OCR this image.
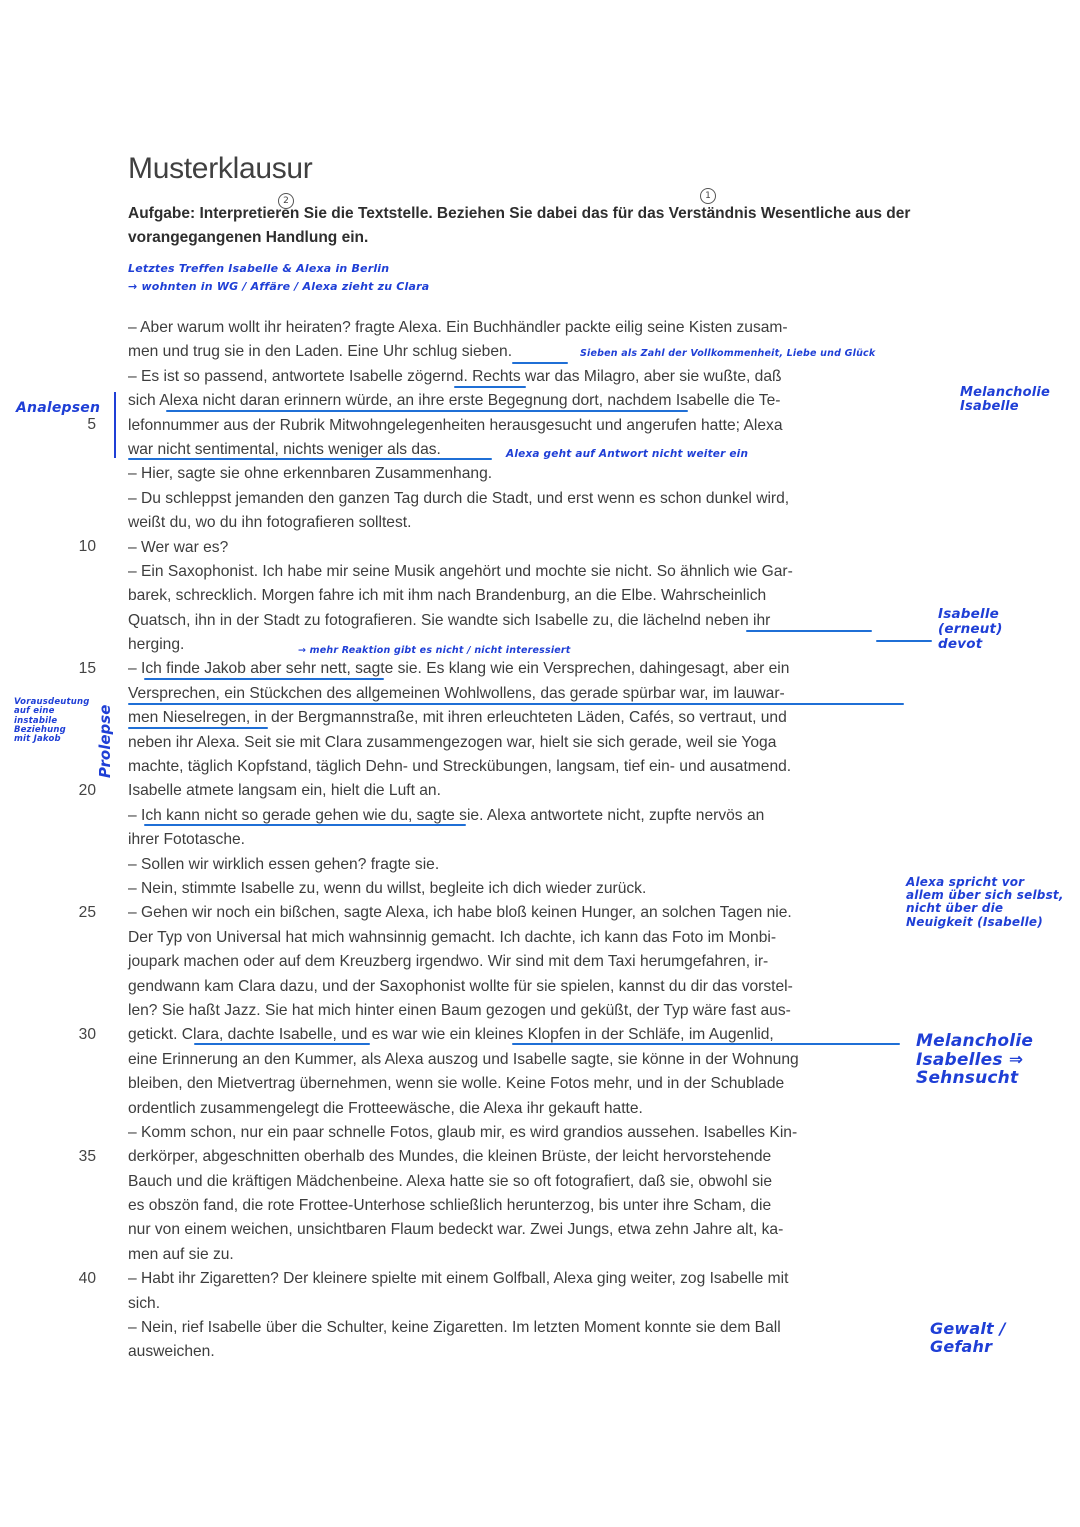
Musterklausur
2	1
Aufgabe: Interpretieren Sie die Textstelle. Beziehen Sie dabei das für das Verständnis Wesentliche aus der vorangegangenen Handlung ein.
Letztes Treffen Isabelle & Alexa in Berlin
→ wohnten in WG / Affäre / Alexa zieht zu Clara
Analepsen
Sieben als Zahl der Vollkommenheit, Liebe und Glück
Melancholie Isabelle
Alexa geht auf Antwort nicht weiter ein
→ mehr Reaktion gibt es nicht / nicht interessiert
Isabelle (erneut) devot
Vorausdeutung auf eine instabile Beziehung mit Jakob	Prolepse
Alexa spricht vor allem über sich selbst, nicht über die Neuigkeit (Isabelle)
Melancholie Isabelles ⇒ Sehnsucht
Gewalt / Gefahr
5
10
15
20
25
30
35
40
– Aber warum wollt ihr heiraten? fragte Alexa. Ein Buchhändler packte eilig seine Kisten zusam-
men und trug sie in den Laden. Eine Uhr schlug sieben.
– Es ist so passend, antwortete Isabelle zögernd. Rechts war das Milagro, aber sie wußte, daß
sich Alexa nicht daran erinnern würde, an ihre erste Begegnung dort, nachdem Isabelle die Te-
lefonnummer aus der Rubrik Mitwohngelegenheiten herausgesucht und angerufen hatte; Alexa
war nicht sentimental, nichts weniger als das.
– Hier, sagte sie ohne erkennbaren Zusammenhang.
– Du schleppst jemanden den ganzen Tag durch die Stadt, und erst wenn es schon dunkel wird,
weißt du, wo du ihn fotografieren solltest.
– Wer war es?
– Ein Saxophonist. Ich habe mir seine Musik angehört und mochte sie nicht. So ähnlich wie Gar-
barek, schrecklich. Morgen fahre ich mit ihm nach Brandenburg, an die Elbe. Wahrscheinlich
Quatsch, ihn in der Stadt zu fotografieren. Sie wandte sich Isabelle zu, die lächelnd neben ihr
herging.
– Ich finde Jakob aber sehr nett, sagte sie. Es klang wie ein Versprechen, dahingesagt, aber ein
Versprechen, ein Stückchen des allgemeinen Wohlwollens, das gerade spürbar war, im lauwar-
men Nieselregen, in der Bergmannstraße, mit ihren erleuchteten Läden, Cafés, so vertraut, und
neben ihr Alexa. Seit sie mit Clara zusammengezogen war, hielt sie sich gerade, weil sie Yoga
machte, täglich Kopfstand, täglich Dehn- und Streckübungen, langsam, tief ein- und ausatmend.
Isabelle atmete langsam ein, hielt die Luft an.
– Ich kann nicht so gerade gehen wie du, sagte sie. Alexa antwortete nicht, zupfte nervös an
ihrer Fototasche.
– Sollen wir wirklich essen gehen? fragte sie.
– Nein, stimmte Isabelle zu, wenn du willst, begleite ich dich wieder zurück.
– Gehen wir noch ein bißchen, sagte Alexa, ich habe bloß keinen Hunger, an solchen Tagen nie.
Der Typ von Universal hat mich wahnsinnig gemacht. Ich dachte, ich kann das Foto im Monbi-
joupark machen oder auf dem Kreuzberg irgendwo. Wir sind mit dem Taxi herumgefahren, ir-
gendwann kam Clara dazu, und der Saxophonist wollte für sie spielen, kannst du dir das vorstel-
len? Sie haßt Jazz. Sie hat mich hinter einen Baum gezogen und geküßt, der Typ wäre fast aus-
getickt. Clara, dachte Isabelle, und es war wie ein kleines Klopfen in der Schläfe, im Augenlid,
eine Erinnerung an den Kummer, als Alexa auszog und Isabelle sagte, sie könne in der Wohnung
bleiben, den Mietvertrag übernehmen, wenn sie wolle. Keine Fotos mehr, und in der Schublade
ordentlich zusammengelegt die Frotteewäsche, die Alexa ihr gekauft hatte.
– Komm schon, nur ein paar schnelle Fotos, glaub mir, es wird grandios aussehen. Isabelles Kin-
derkörper, abgeschnitten oberhalb des Mundes, die kleinen Brüste, der leicht hervorstehende
Bauch und die kräftigen Mädchenbeine. Alexa hatte sie so oft fotografiert, daß sie, obwohl sie
es obszön fand, die rote Frottee-Unterhose schließlich herunterzog, bis unter ihre Scham, die
nur von einem weichen, unsichtbaren Flaum bedeckt war. Zwei Jungs, etwa zehn Jahre alt, ka-
men auf sie zu.
– Habt ihr Zigaretten? Der kleinere spielte mit einem Golfball, Alexa ging weiter, zog Isabelle mit
sich.
– Nein, rief Isabelle über die Schulter, keine Zigaretten. Im letzten Moment konnte sie dem Ball
ausweichen.
